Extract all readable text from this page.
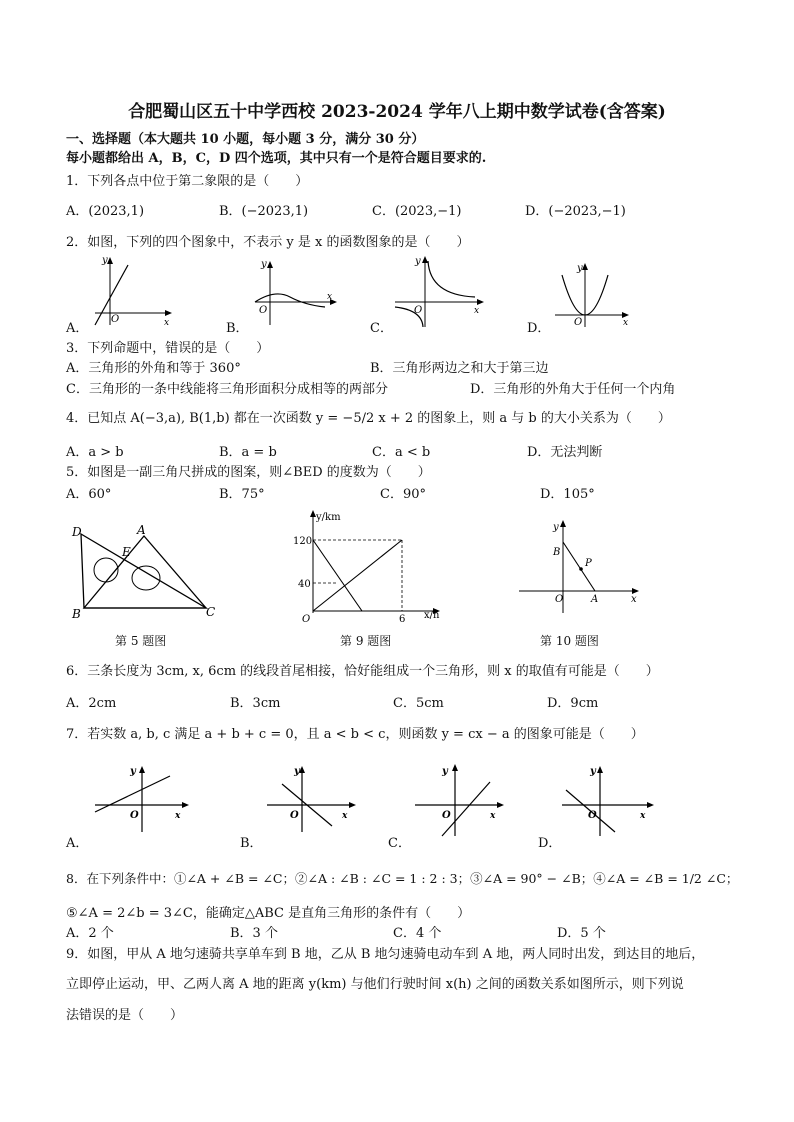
合肥蜀山区五十中学西校 2023-2024 学年八上期中数学试卷(含答案)
一、选择题（本大题共 10 小题，每小题 3 分，满分 30 分）
每小题都给出 A，B，C，D 四个选项，其中只有一个是符合题目要求的.
1．下列各点中位于第二象限的是（　　）
A．(2023,1)	B．(−2023,1)	C．(2023,−1)	D．(−2023,−1)
2．如图，下列的四个图象中，不表示 y 是 x 的函数图象的是（　　）
y
O	x
y
O
x
y
O	x
y
O	x
A．	B．	C．	D．
3．下列命题中，错误的是（　　）
A．三角形的外角和等于 360°	B．三角形两边之和大于第三边
C．三角形的一条中线能将三角形面积分成相等的两部分	D．三角形的外角大于任何一个内角
4．已知点 A(−3,a), B(1,b) 都在一次函数 y = −5/2 x + 2 的图象上，则 a 与 b 的大小关系为（　　）
A．a > b	B．a = b	C．a < b	D．无法判断
5．如图是一副三角尺拼成的图案，则∠BED 的度数为（　　）
A．60°	B．75°	C．90°	D．105°
D	A
E
B	C
第 5 题图
y/km
120
40
O	6 x/h
第 9 题图
y
B
P
O	A	x
第 10 题图
6．三条长度为 3cm, x, 6cm 的线段首尾相接，恰好能组成一个三角形，则 x 的取值有可能是（　　）
A．2cm	B．3cm	C．5cm	D．9cm
7．若实数 a, b, c 满足 a + b + c = 0，且 a < b < c，则函数 y = cx − a 的图象可能是（　　）
y
O	x
y
O	x
y
O	x
y
O	x
A．	B．	C．	D．
8．在下列条件中：①∠A + ∠B = ∠C；②∠A : ∠B : ∠C = 1 : 2 : 3；③∠A = 90° − ∠B；④∠A = ∠B = 1/2 ∠C；
⑤∠A = 2∠b = 3∠C，能确定△ABC 是直角三角形的条件有（　　）
A．2 个	B．3 个	C．4 个	D．5 个
9．如图，甲从 A 地匀速骑共享单车到 B 地，乙从 B 地匀速骑电动车到 A 地，两人同时出发，到达目的地后，
立即停止运动，甲、乙两人离 A 地的距离 y(km) 与他们行驶时间 x(h) 之间的函数关系如图所示，则下列说
法错误的是（　　）
